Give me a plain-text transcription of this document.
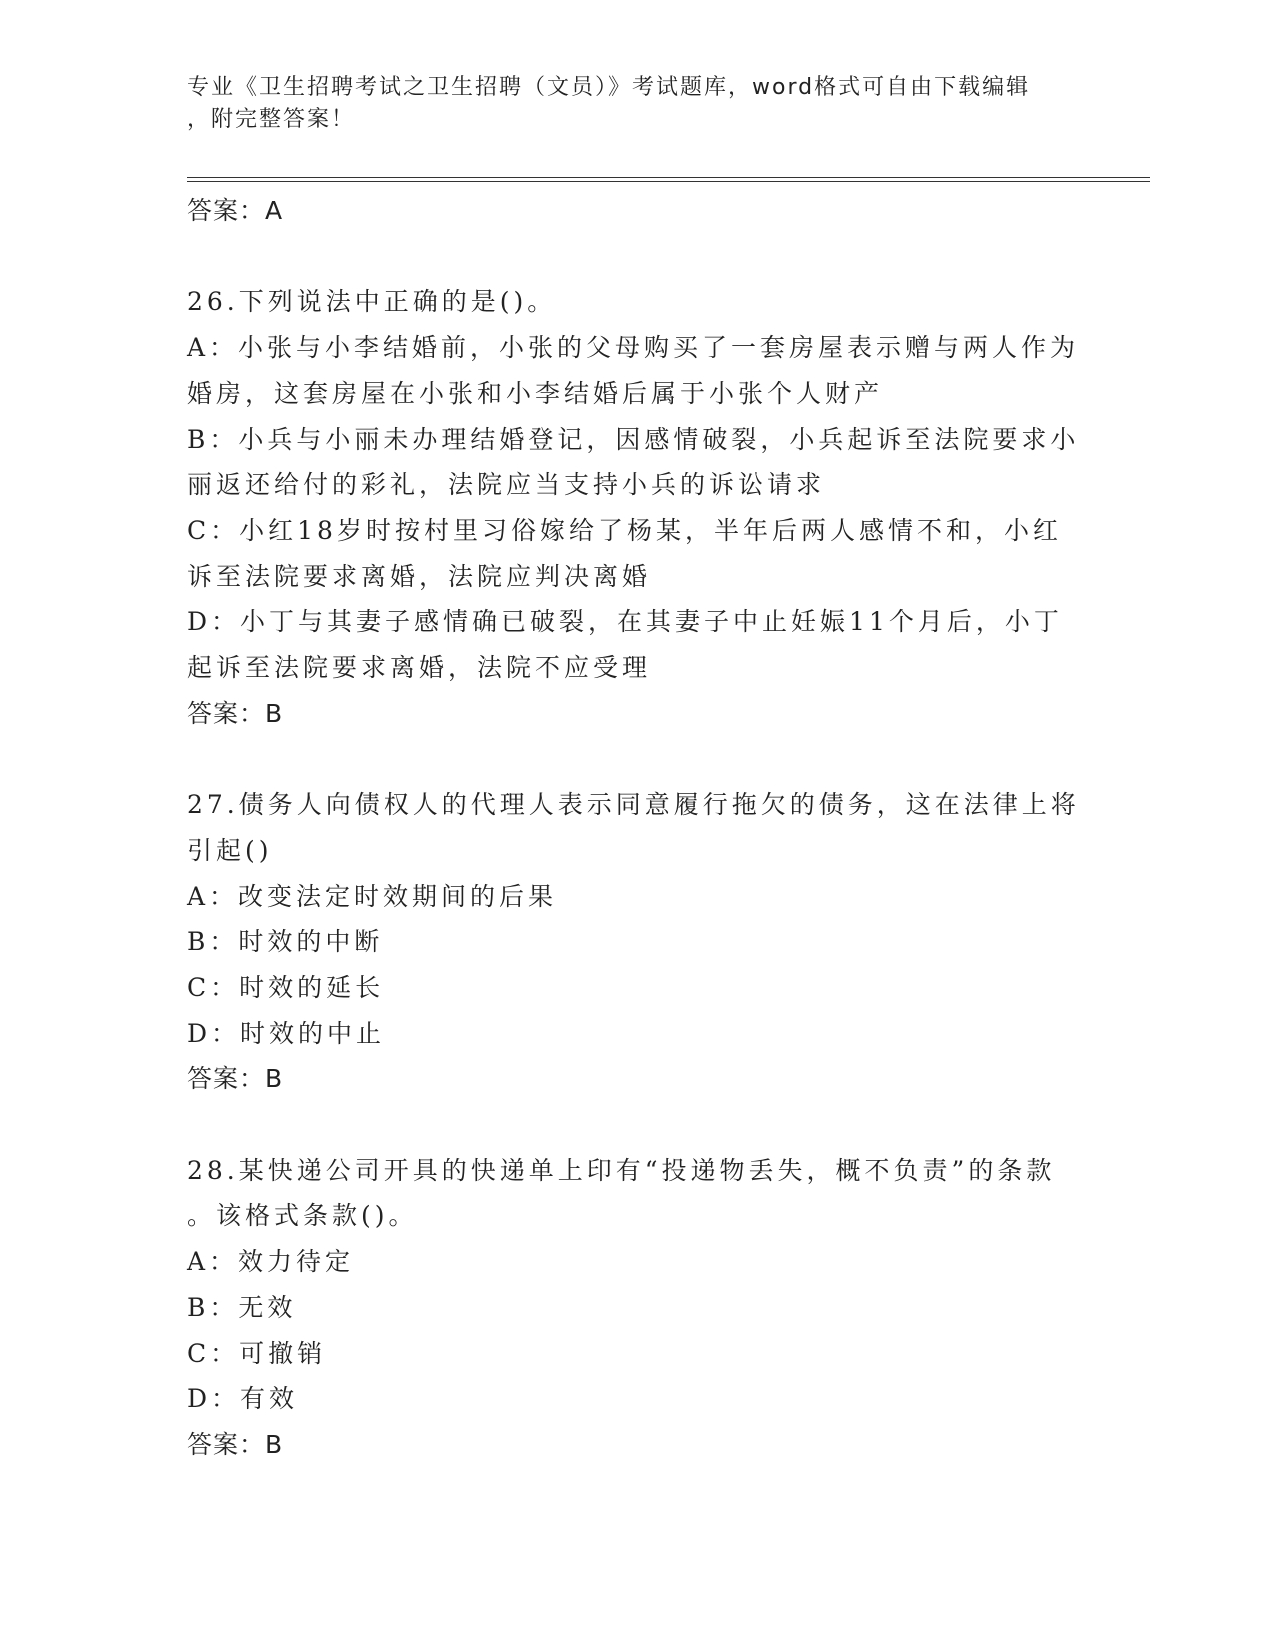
专业《卫生招聘考试之卫生招聘（文员）》考试题库，word格式可自由下载编辑
，附完整答案！
答案：A
26.下列说法中正确的是()。
A：小张与小李结婚前，小张的父母购买了一套房屋表示赠与两人作为
婚房，这套房屋在小张和小李结婚后属于小张个人财产
B：小兵与小丽未办理结婚登记，因感情破裂，小兵起诉至法院要求小
丽返还给付的彩礼，法院应当支持小兵的诉讼请求
C：小红18岁时按村里习俗嫁给了杨某，半年后两人感情不和，小红
诉至法院要求离婚，法院应判决离婚
D：小丁与其妻子感情确已破裂，在其妻子中止妊娠11个月后，小丁
起诉至法院要求离婚，法院不应受理
答案：B
27.债务人向债权人的代理人表示同意履行拖欠的债务，这在法律上将
引起()
A：改变法定时效期间的后果
B：时效的中断
C：时效的延长
D：时效的中止
答案：B
28.某快递公司开具的快递单上印有“投递物丢失，概不负责”的条款
。该格式条款()。
A：效力待定
B：无效
C：可撤销
D：有效
答案：B
